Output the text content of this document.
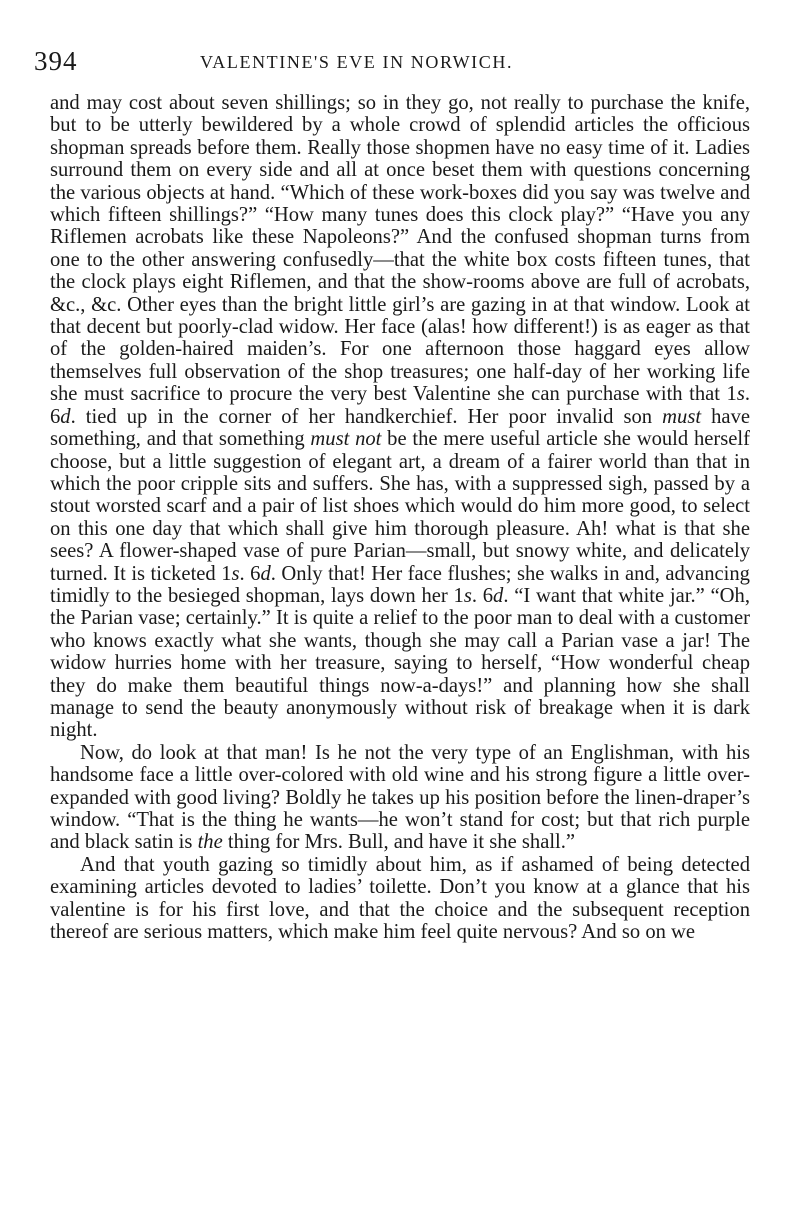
394	VALENTINE'S EVE IN NORWICH.

and may cost about seven shillings; so in they go, not really to purchase the knife, but to be utterly bewildered by a whole crowd of splendid articles the officious shopman spreads before them. Really those shopmen have no easy time of it. Ladies surround them on every side and all at once beset them with questions concerning the various objects at hand. “Which of these work-boxes did you say was twelve and which fifteen shillings?” “How many tunes does this clock play?” “Have you any Riflemen acrobats like these Napoleons?” And the confused shopman turns from one to the other answering confusedly—that the white box costs fifteen tunes, that the clock plays eight Riflemen, and that the show-rooms above are full of acrobats, &c., &c. Other eyes than the bright little girl’s are gazing in at that window. Look at that decent but poorly-clad widow. Her face (alas! how different!) is as eager as that of the golden-haired maiden’s. For one afternoon those haggard eyes allow themselves full observation of the shop treasures; one half-day of her working life she must sacrifice to procure the very best Valentine she can purchase with that 1s. 6d. tied up in the corner of her handkerchief. Her poor invalid son must have something, and that something must not be the mere useful article she would herself choose, but a little suggestion of elegant art, a dream of a fairer world than that in which the poor cripple sits and suffers. She has, with a suppressed sigh, passed by a stout worsted scarf and a pair of list shoes which would do him more good, to select on this one day that which shall give him thorough pleasure. Ah! what is that she sees? A flower-shaped vase of pure Parian—small, but snowy white, and delicately turned. It is ticketed 1s. 6d. Only that! Her face flushes; she walks in and, advancing timidly to the besieged shopman, lays down her 1s. 6d. “I want that white jar.” “Oh, the Parian vase; certainly.” It is quite a relief to the poor man to deal with a customer who knows exactly what she wants, though she may call a Parian vase a jar! The widow hurries home with her treasure, saying to herself, “How wonderful cheap they do make them beautiful things now-a-days!” and planning how she shall manage to send the beauty anonymously without risk of breakage when it is dark night.

Now, do look at that man! Is he not the very type of an Englishman, with his handsome face a little over-colored with old wine and his strong figure a little over-expanded with good living? Boldly he takes up his position before the linen-draper’s window. “That is the thing he wants—he won’t stand for cost; but that rich purple and black satin is the thing for Mrs. Bull, and have it she shall.”

And that youth gazing so timidly about him, as if ashamed of being detected examining articles devoted to ladies’ toilette. Don’t you know at a glance that his valentine is for his first love, and that the choice and the subsequent reception thereof are serious matters, which make him feel quite nervous? And so on we
